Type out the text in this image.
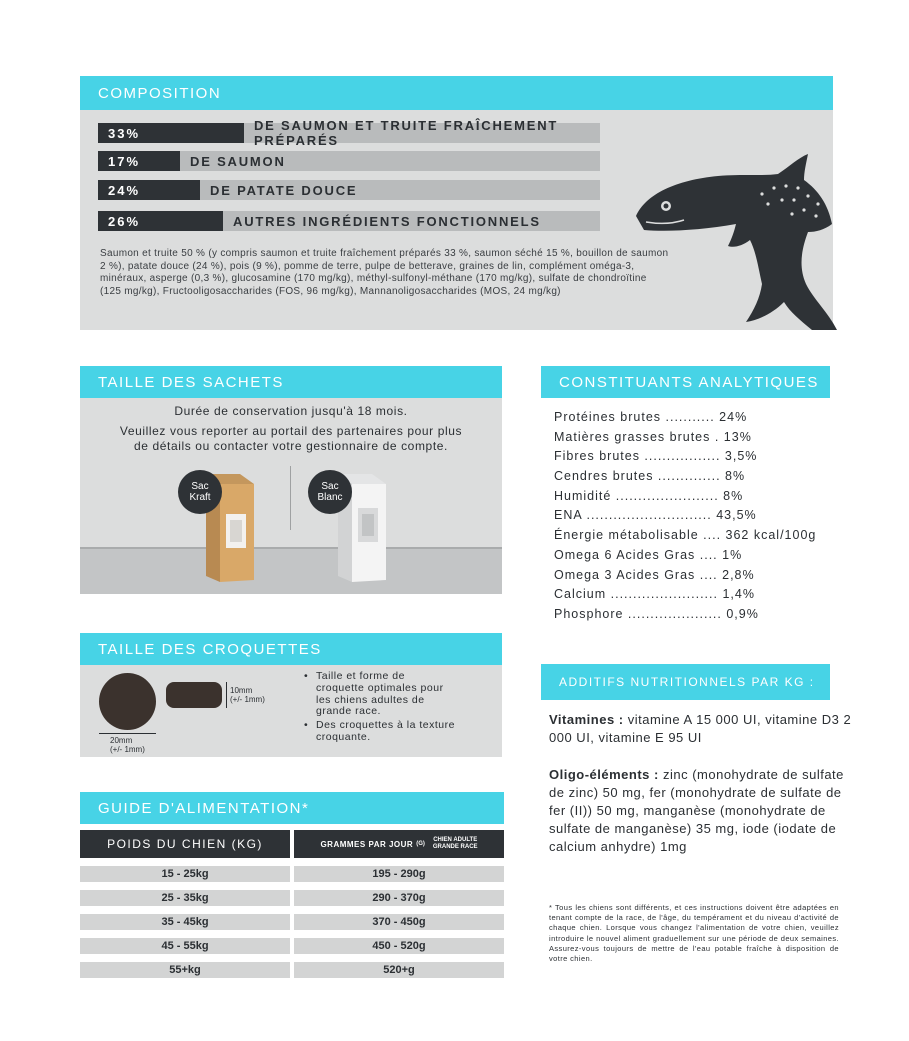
COMPOSITION
33%	DE SAUMON ET TRUITE FRAÎCHEMENT PRÉPARÉS
17%	DE SAUMON
24%	DE PATATE DOUCE
26%	AUTRES INGRÉDIENTS FONCTIONNELS

Saumon et truite 50 % (y compris saumon et truite fraîchement préparés 33 %, saumon séché 15 %, bouillon de saumon 2 %), patate douce (24 %), pois (9 %), pomme de terre, pulpe de betterave, graines de lin, complément oméga-3, minéraux, asperge (0,3 %), glucosamine (170 mg/kg), méthyl-sulfonyl-méthane (170 mg/kg), sulfate de chondroïtine (125 mg/kg), Fructooligosaccharides (FOS, 96 mg/kg), Mannanoligosaccharides (MOS, 24 mg/kg)

TAILLE DES SACHETS

Durée de conservation jusqu'à 18 mois.

Veuillez vous reporter au portail des partenaires pour plus

de détails ou contacter votre gestionnaire de compte.

Sac
Kraft
Sac
Blanc
TAILLE DES CROQUETTES
10mm
(+/- 1mm)
20mm
(+/- 1mm)
• Taille et forme de
croquette optimales pour
les chiens adultes de
grande race.
• Des croquettes à la texture
croquante.
GUIDE D'ALIMENTATION*
POIDS DU CHIEN (KG)	GRAMMES PAR JOUR (G)
CHIEN ADULTE
GRANDE RACE
15 - 25kg	195 - 290g
25 - 35kg	290 - 370g
35 - 45kg	370 - 450g
45 - 55kg	450 - 520g
55+kg	520+g
CONSTITUANTS ANALYTIQUES
Protéines brutes ........... 24%
Matières grasses brutes . 13%
Fibres brutes ................. 3,5%
Cendres brutes .............. 8%
Humidité ....................... 8%
ENA ............................ 43,5%
Énergie métabolisable .... 362 kcal/100g
Omega 6 Acides Gras .... 1%
Omega 3 Acides Gras .... 2,8%
Calcium ........................ 1,4%
Phosphore ..................... 0,9%
ADDITIFS NUTRITIONNELS PAR KG :

Vitamines : vitamine A 15 000 UI, vitamine D3 2 000 UI, vitamine E 95 UI

Oligo-éléments : zinc (monohydrate de sulfate de zinc) 50 mg, fer (monohydrate de sulfate de fer (II)) 50 mg, manganèse (monohydrate de sulfate de manganèse) 35 mg, iode (iodate de calcium anhydre) 1mg

* Tous les chiens sont différents, et ces instructions doivent être adaptées en tenant compte de la race, de l'âge, du tempérament et du niveau d'activité de chaque chien. Lorsque vous changez l'alimentation de votre chien, veuillez introduire le nouvel aliment graduellement sur une période de deux semaines. Assurez-vous toujours de mettre de l'eau potable fraîche à disposition de votre chien.
